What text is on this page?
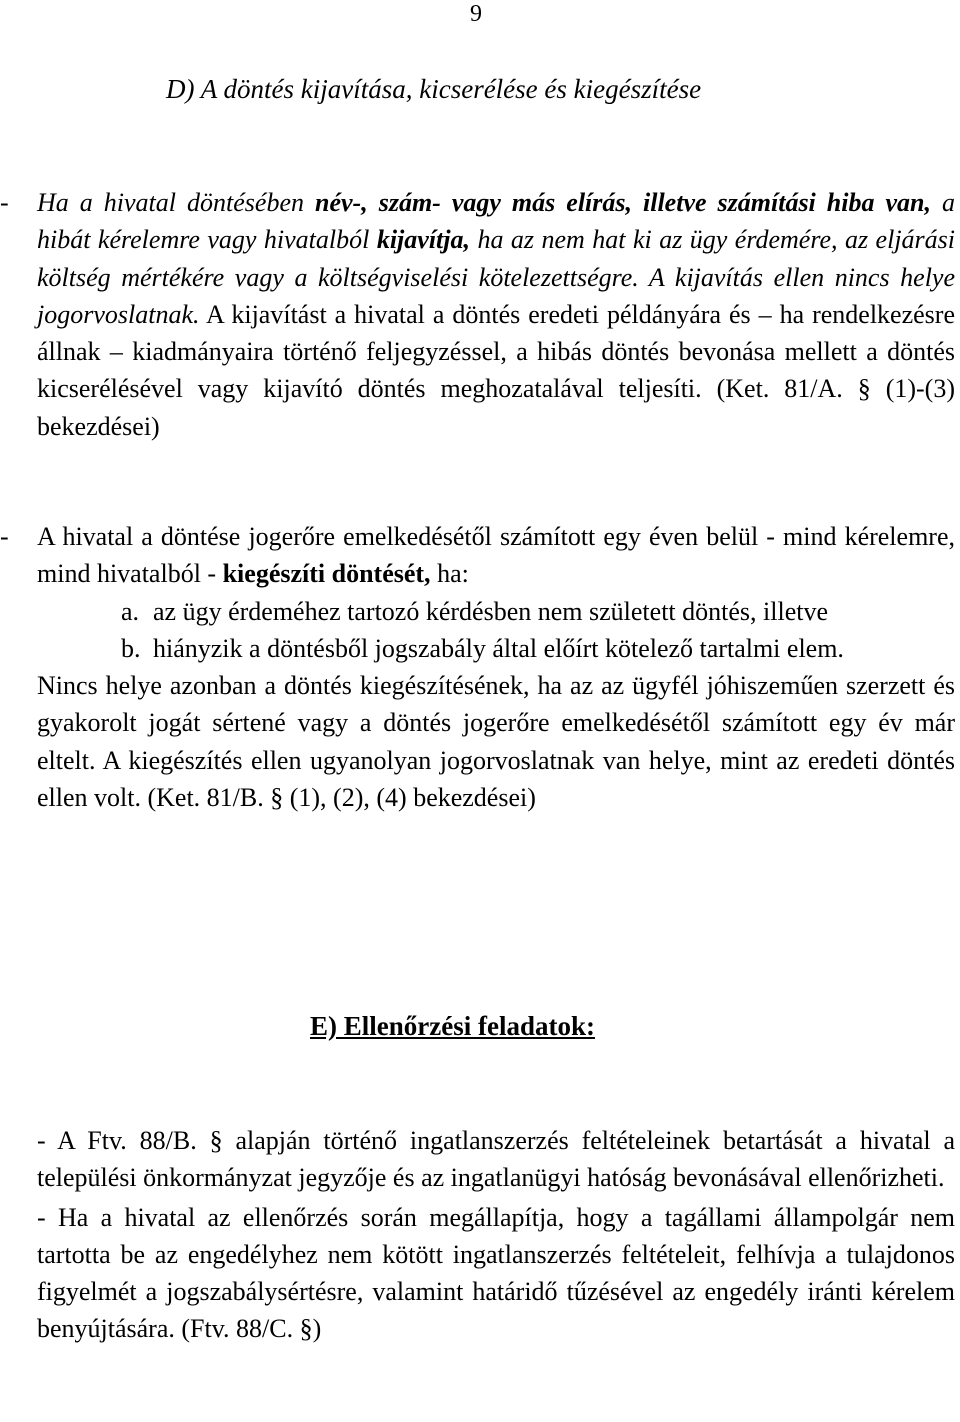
9
D) A döntés kijavítása, kicserélése és kiegészítése

- Ha a hivatal döntésében név-, szám- vagy más elírás, illetve számítási hiba van, a hibát kérelemre vagy hivatalból kijavítja, ha az nem hat ki az ügy érdemére, az eljárási költség mértékére vagy a költségviselési kötelezettségre. A kijavítás ellen nincs helye jogorvoslatnak. A kijavítást a hivatal a döntés eredeti példányára és – ha rendelkezésre állnak – kiadmányaira történő feljegyzéssel, a hibás döntés bevonása mellett a döntés kicserélésével vagy kijavító döntés meghozatalával teljesíti. (Ket. 81/A. § (1)-(3) bekezdései)

- A hivatal a döntése jogerőre emelkedésétől számított egy éven belül - mind kérelemre, mind hivatalból - kiegészíti döntését, ha:

a. az ügy érdeméhez tartozó kérdésben nem született döntés, illetve
b. hiányzik a döntésből jogszabály által előírt kötelező tartalmi elem.

Nincs helye azonban a döntés kiegészítésének, ha az az ügyfél jóhiszeműen szerzett és gyakorolt jogát sértené vagy a döntés jogerőre emelkedésétől számított egy év már eltelt. A kiegészítés ellen ugyanolyan jogorvoslatnak van helye, mint az eredeti döntés ellen volt. (Ket. 81/B. § (1), (2), (4) bekezdései)

E) Ellenőrzési feladatok:

- A Ftv. 88/B. § alapján történő ingatlanszerzés feltételeinek betartását a hivatal a települési önkormányzat jegyzője és az ingatlanügyi hatóság bevonásával ellenőrizheti.

- Ha a hivatal az ellenőrzés során megállapítja, hogy a tagállami állampolgár nem tartotta be az engedélyhez nem kötött ingatlanszerzés feltételeit, felhívja a tulajdonos figyelmét a jogszabálysértésre, valamint határidő tűzésével az engedély iránti kérelem benyújtására. (Ftv. 88/C. §)
